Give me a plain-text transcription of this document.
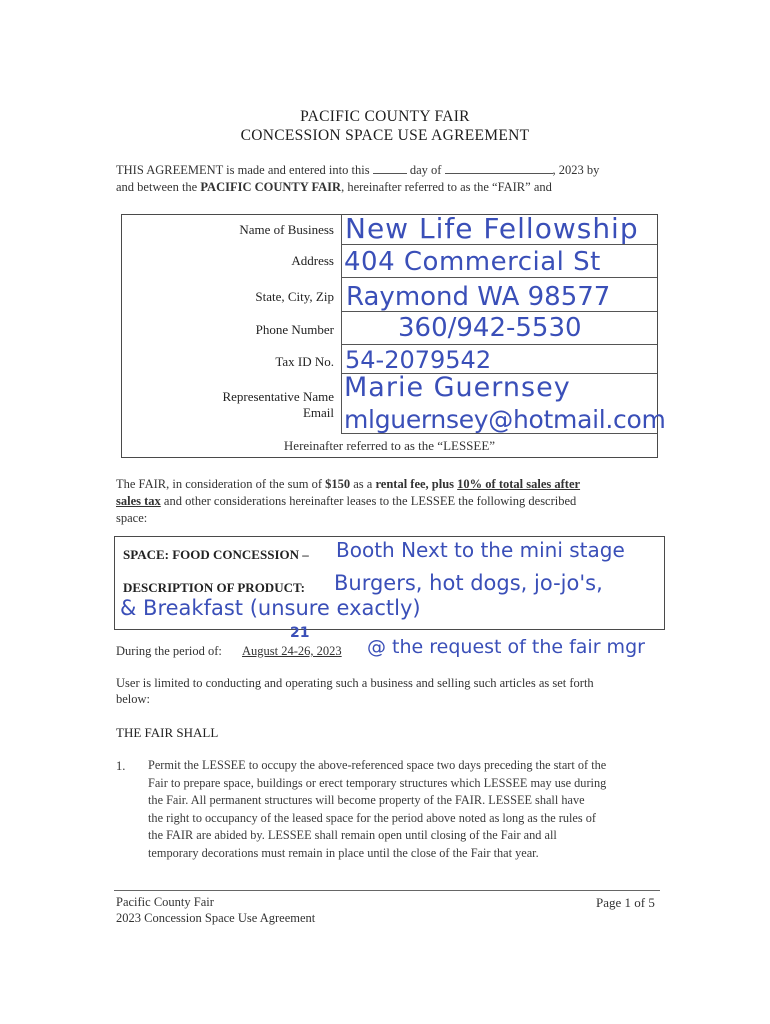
PACIFIC COUNTY FAIR
CONCESSION SPACE USE AGREEMENT
THIS AGREEMENT is made and entered into this	day of	, 2023 by
and between the PACIFIC COUNTY FAIR, hereinafter referred to as the “FAIR” and
Name of Business
Address
State, City, Zip
Phone Number
Tax ID No.
Representative Name
Email
New Life Fellowship
404 Commercial St
Raymond WA 98577
360/942-5530
54-2079542
Marie Guernsey
mlguernsey@hotmail.com
Hereinafter referred to as the “LESSEE”
The FAIR, in consideration of the sum of $150 as a rental fee, plus 10% of total sales after
sales tax and other considerations hereinafter leases to the LESSEE the following described
space:
SPACE: FOOD CONCESSION – Booth Next to the mini stage
DESCRIPTION OF PRODUCT: Burgers, hot dogs, jo-jo's,
& Breakfast (unsure exactly)
During the period of: August 24-26, 2023
21
@ the request of the fair mgr
User is limited to conducting and operating such a business and selling such articles as set forth
below:
THE FAIR SHALL
1. Permit the LESSEE to occupy the above-referenced space two days preceding the start of the
Fair to prepare space, buildings or erect temporary structures which LESSEE may use during
the Fair. All permanent structures will become property of the FAIR. LESSEE shall have
the right to occupancy of the leased space for the period above noted as long as the rules of
the FAIR are abided by. LESSEE shall remain open until closing of the Fair and all
temporary decorations must remain in place until the close of the Fair that year.
Pacific County Fair
2023 Concession Space Use Agreement
Page 1 of 5
